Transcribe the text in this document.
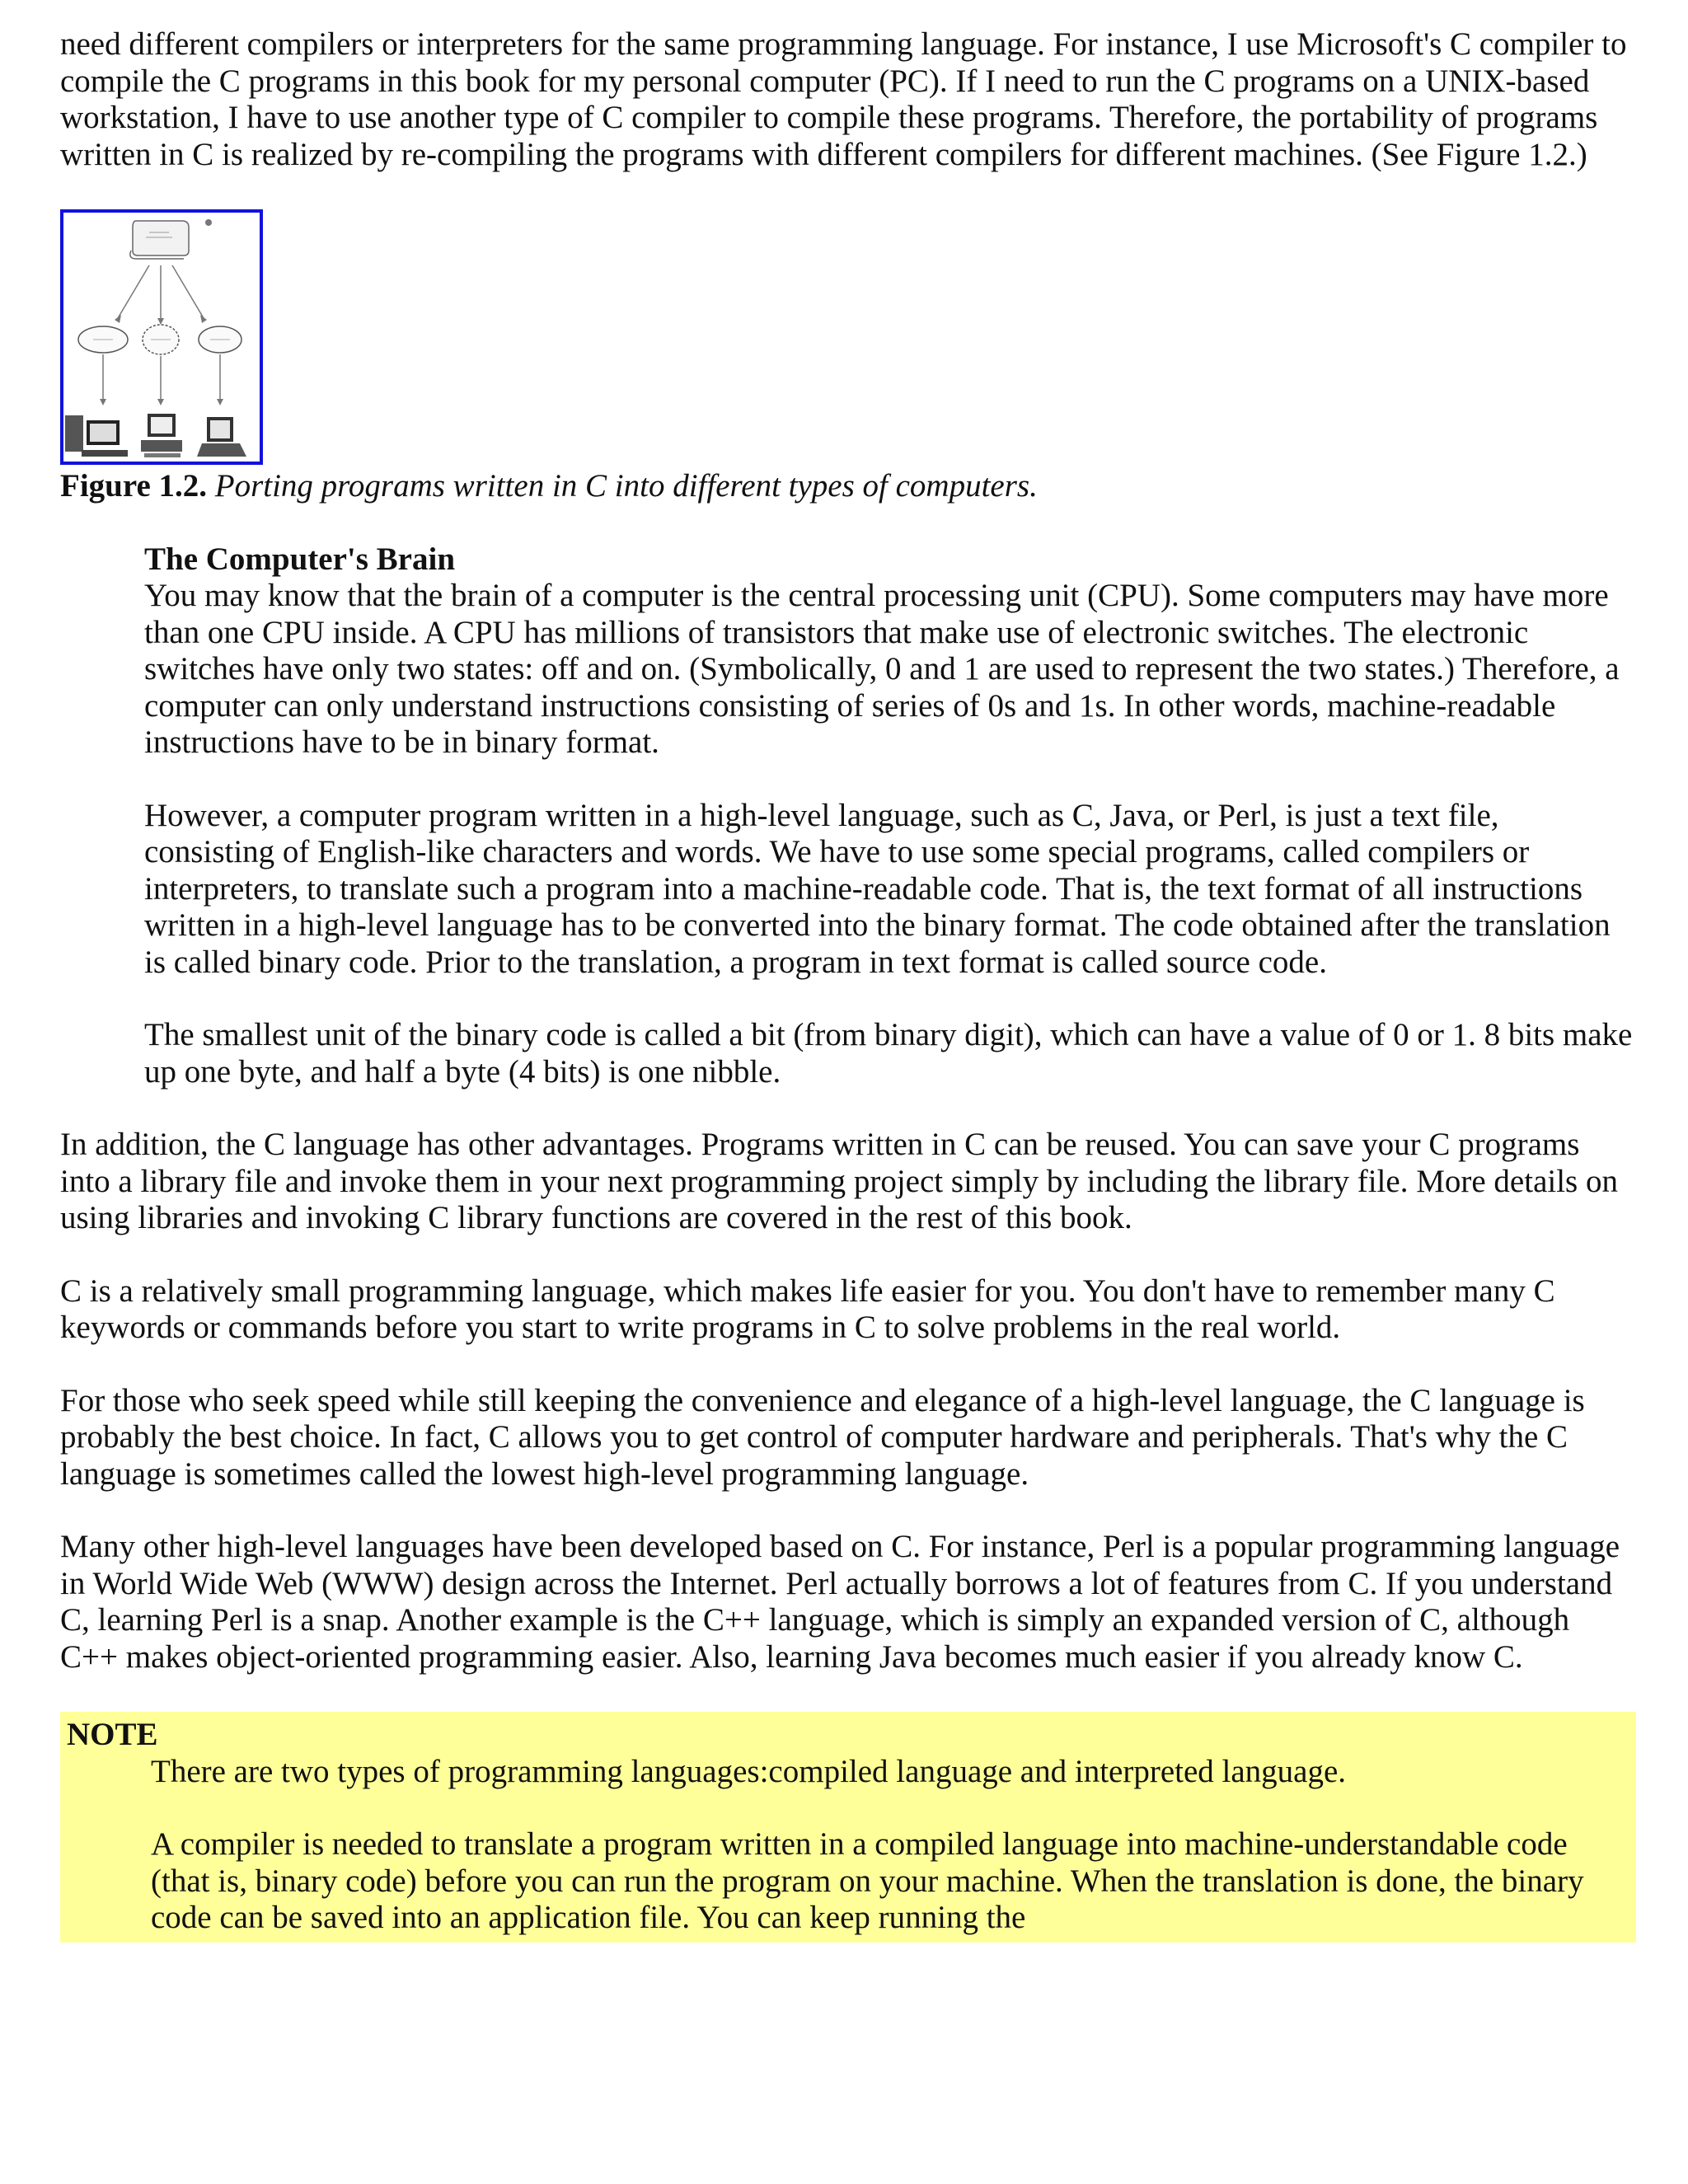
need different compilers or interpreters for the same programming language. For instance, I use Microsoft's C compiler to compile the C programs in this book for my personal computer (PC). If I need to run the C programs on a UNIX-based workstation, I have to use another type of C compiler to compile these programs. Therefore, the portability of programs written in C is realized by re-compiling the programs with different compilers for different machines. (See Figure 1.2.)

Figure 1.2. Porting programs written in C into different types of computers.

The Computer's Brain

You may know that the brain of a computer is the central processing unit (CPU). Some computers may have more than one CPU inside. A CPU has millions of transistors that make use of electronic switches. The electronic switches have only two states: off and on. (Symbolically, 0 and 1 are used to represent the two states.) Therefore, a computer can only understand instructions consisting of series of 0s and 1s. In other words, machine-readable instructions have to be in binary format.

However, a computer program written in a high-level language, such as C, Java, or Perl, is just a text file, consisting of English-like characters and words. We have to use some special programs, called compilers or interpreters, to translate such a program into a machine-readable code. That is, the text format of all instructions written in a high-level language has to be converted into the binary format. The code obtained after the translation is called binary code. Prior to the translation, a program in text format is called source code.

The smallest unit of the binary code is called a bit (from binary digit), which can have a value of 0 or 1. 8 bits make up one byte, and half a byte (4 bits) is one nibble.

In addition, the C language has other advantages. Programs written in C can be reused. You can save your C programs into a library file and invoke them in your next programming project simply by including the library file. More details on using libraries and invoking C library functions are covered in the rest of this book.

C is a relatively small programming language, which makes life easier for you. You don't have to remember many C keywords or commands before you start to write programs in C to solve problems in the real world.

For those who seek speed while still keeping the convenience and elegance of a high-level language, the C language is probably the best choice. In fact, C allows you to get control of computer hardware and peripherals. That's why the C language is sometimes called the lowest high-level programming language.

Many other high-level languages have been developed based on C. For instance, Perl is a popular programming language in World Wide Web (WWW) design across the Internet. Perl actually borrows a lot of features from C. If you understand C, learning Perl is a snap. Another example is the C++ language, which is simply an expanded version of C, although C++ makes object-oriented programming easier. Also, learning Java becomes much easier if you already know C.

NOTE

There are two types of programming languages:compiled language and interpreted language.

A compiler is needed to translate a program written in a compiled language into machine-understandable code (that is, binary code) before you can run the program on your machine. When the translation is done, the binary code can be saved into an application file. You can keep running the
